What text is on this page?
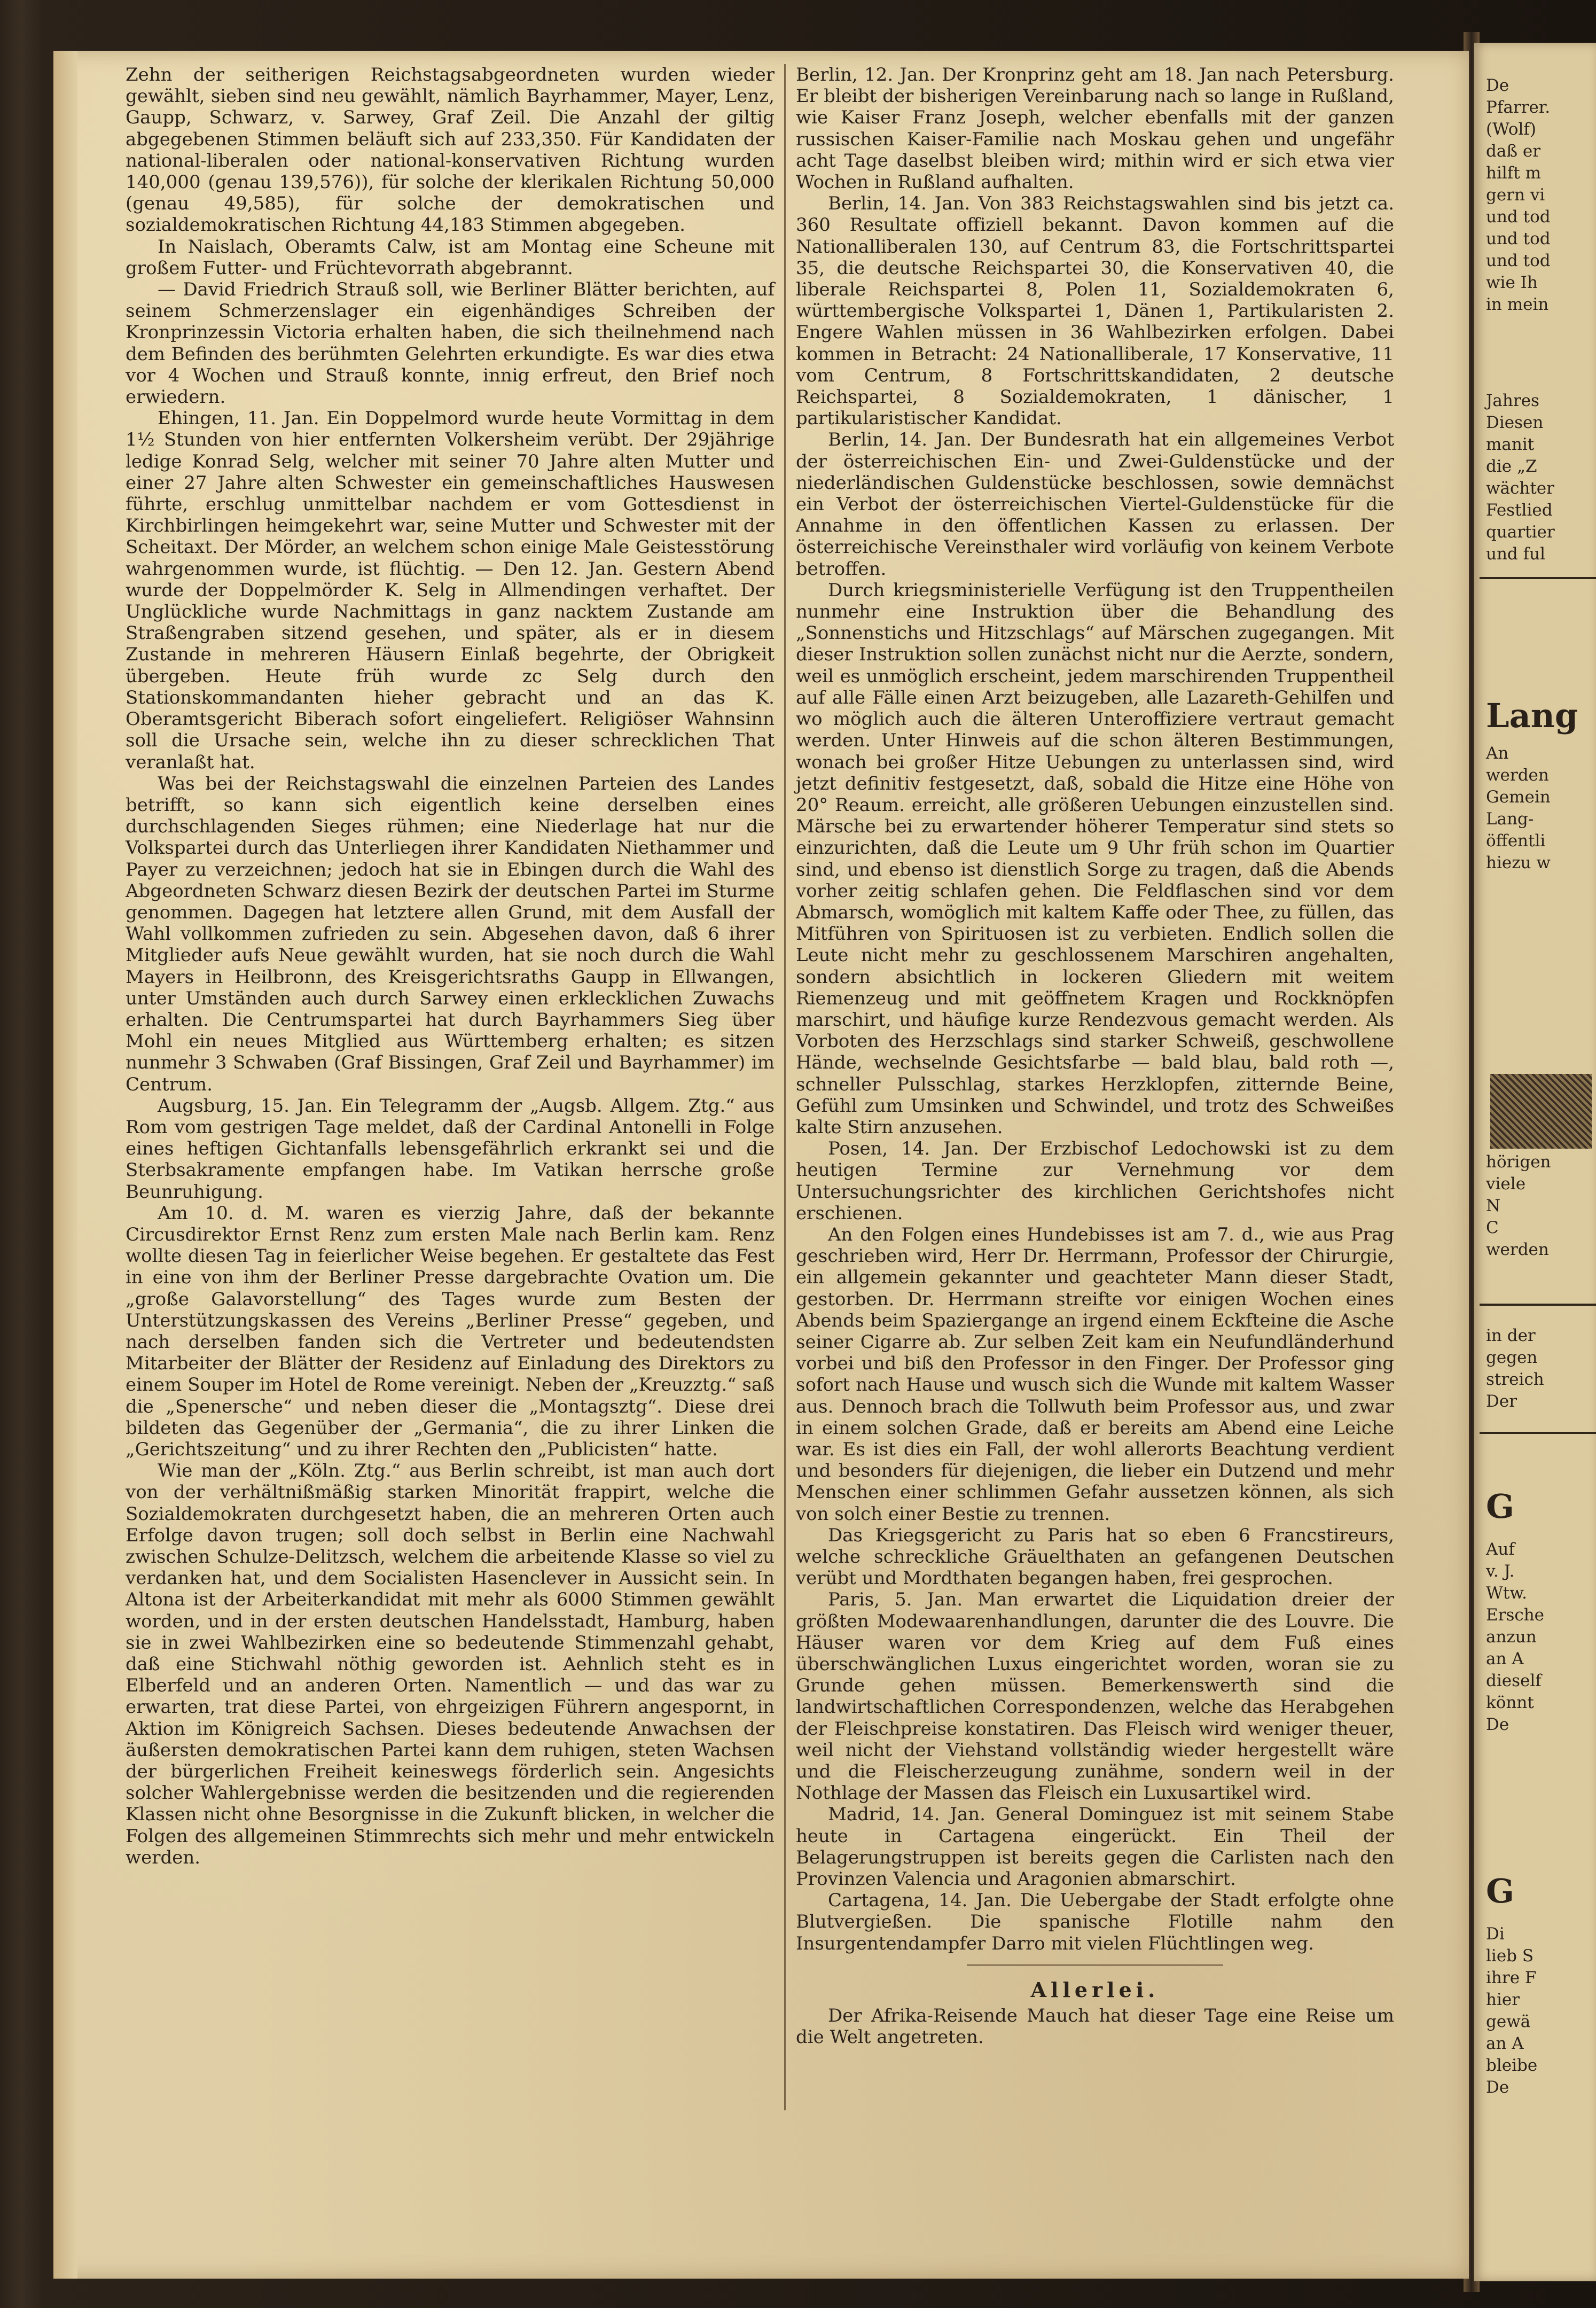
De
Pfarrer.
(Wolf)
daß er
hilft m
gern vi
und tod
und tod
und tod
wie Ih
in mein
Jahres
Diesen
manit
die „Z
wächter
Festlied
quartier
und ful
Lang
An
werden
Gemein
Lang-
öffentli
hiezu w
hörigen
viele
N
C
werden
in der
gegen
streich
Der
G
Auf
v. J.
Wtw.
Ersche
anzun
an A
dieself
könnt
De
G
Di
lieb S
ihre F
hier
gewä
an A
bleibe
De

Zehn der seitherigen Reichstagsabgeordneten wurden wieder gewählt, sieben sind neu gewählt, nämlich Bayrhammer, Mayer, Lenz, Gaupp, Schwarz, v. Sarwey, Graf Zeil. Die Anzahl der giltig abgegebenen Stimmen beläuft sich auf 233,350. Für Kandidaten der national-liberalen oder national-konservativen Richtung wurden 140,000 (genau 139,576)), für solche der klerikalen Richtung 50,000 (genau 49,585), für solche der demokratischen und sozialdemokratischen Richtung 44,183 Stimmen abgegeben.

In Naislach, Oberamts Calw, ist am Montag eine Scheune mit großem Futter- und Früchtevorrath abgebrannt.

— David Friedrich Strauß soll, wie Berliner Blätter berichten, auf seinem Schmerzenslager ein eigenhändiges Schreiben der Kronprinzessin Victoria erhalten haben, die sich theilnehmend nach dem Befinden des berühmten Gelehrten erkundigte. Es war dies etwa vor 4 Wochen und Strauß konnte, innig erfreut, den Brief noch erwiedern.

Ehingen, 11. Jan. Ein Doppelmord wurde heute Vormittag in dem 1½ Stunden von hier entfernten Volkersheim verübt. Der 29jährige ledige Konrad Selg, welcher mit seiner 70 Jahre alten Mutter und einer 27 Jahre alten Schwester ein gemeinschaftliches Hauswesen führte, erschlug unmittelbar nachdem er vom Gottesdienst in Kirchbirlingen heimgekehrt war, seine Mutter und Schwester mit der Scheitaxt. Der Mörder, an welchem schon einige Male Geistesstörung wahrgenommen wurde, ist flüchtig. — Den 12. Jan. Gestern Abend wurde der Doppelmörder K. Selg in Allmendingen verhaftet. Der Unglückliche wurde Nachmittags in ganz nacktem Zustande am Straßengraben sitzend gesehen, und später, als er in diesem Zustande in mehreren Häusern Einlaß begehrte, der Obrigkeit übergeben. Heute früh wurde zc Selg durch den Stationskommandanten hieher gebracht und an das K. Oberamtsgericht Biberach sofort eingeliefert. Religiöser Wahnsinn soll die Ursache sein, welche ihn zu dieser schrecklichen That veranlaßt hat.

Was bei der Reichstagswahl die einzelnen Parteien des Landes betrifft, so kann sich eigentlich keine derselben eines durchschlagenden Sieges rühmen; eine Niederlage hat nur die Volkspartei durch das Unterliegen ihrer Kandidaten Niethammer und Payer zu verzeichnen; jedoch hat sie in Ebingen durch die Wahl des Abgeordneten Schwarz diesen Bezirk der deutschen Partei im Sturme genommen. Dagegen hat letztere allen Grund, mit dem Ausfall der Wahl vollkommen zufrieden zu sein. Abgesehen davon, daß 6 ihrer Mitglieder aufs Neue gewählt wurden, hat sie noch durch die Wahl Mayers in Heilbronn, des Kreisgerichtsraths Gaupp in Ellwangen, unter Umständen auch durch Sarwey einen erklecklichen Zuwachs erhalten. Die Centrumspartei hat durch Bayrhammers Sieg über Mohl ein neues Mitglied aus Württemberg erhalten; es sitzen nunmehr 3 Schwaben (Graf Bissingen, Graf Zeil und Bayrhammer) im Centrum.

Augsburg, 15. Jan. Ein Telegramm der „Augsb. Allgem. Ztg.“ aus Rom vom gestrigen Tage meldet, daß der Cardinal Antonelli in Folge eines heftigen Gichtanfalls lebensgefährlich erkrankt sei und die Sterbsakramente empfangen habe. Im Vatikan herrsche große Beunruhigung.

Am 10. d. M. waren es vierzig Jahre, daß der bekannte Circusdirektor Ernst Renz zum ersten Male nach Berlin kam. Renz wollte diesen Tag in feierlicher Weise begehen. Er gestaltete das Fest in eine von ihm der Berliner Presse dargebrachte Ovation um. Die „große Galavorstellung“ des Tages wurde zum Besten der Unterstützungskassen des Vereins „Berliner Presse“ gegeben, und nach derselben fanden sich die Vertreter und bedeutendsten Mitarbeiter der Blätter der Residenz auf Einladung des Direktors zu einem Souper im Hotel de Rome vereinigt. Neben der „Kreuzztg.“ saß die „Spenersche“ und neben dieser die „Montagsztg“. Diese drei bildeten das Gegenüber der „Germania“, die zu ihrer Linken die „Gerichtszeitung“ und zu ihrer Rechten den „Publicisten“ hatte.

Wie man der „Köln. Ztg.“ aus Berlin schreibt, ist man auch dort von der verhältnißmäßig starken Minorität frappirt, welche die Sozialdemokraten durchgesetzt haben, die an mehreren Orten auch Erfolge davon trugen; soll doch selbst in Berlin eine Nachwahl zwischen Schulze-Delitzsch, welchem die arbeitende Klasse so viel zu verdanken hat, und dem Socialisten Hasenclever in Aussicht sein. In Altona ist der Arbeiterkandidat mit mehr als 6000 Stimmen gewählt worden, und in der ersten deutschen Handelsstadt, Hamburg, haben sie in zwei Wahlbezirken eine so bedeutende Stimmenzahl gehabt, daß eine Stichwahl nöthig geworden ist. Aehnlich steht es in Elberfeld und an anderen Orten. Namentlich — und das war zu erwarten, trat diese Partei, von ehrgeizigen Führern angespornt, in Aktion im Königreich Sachsen. Dieses bedeutende Anwachsen der äußersten demokratischen Partei kann dem ruhigen, steten Wachsen der bürgerlichen Freiheit keineswegs förderlich sein. Angesichts solcher Wahlergebnisse werden die besitzenden und die regierenden Klassen nicht ohne Besorgnisse in die Zukunft blicken, in welcher die Folgen des allgemeinen Stimmrechts sich mehr und mehr entwickeln werden.

Berlin, 12. Jan. Der Kronprinz geht am 18. Jan nach Petersburg. Er bleibt der bisherigen Vereinbarung nach so lange in Rußland, wie Kaiser Franz Joseph, welcher ebenfalls mit der ganzen russischen Kaiser-Familie nach Moskau gehen und ungefähr acht Tage daselbst bleiben wird; mithin wird er sich etwa vier Wochen in Rußland aufhalten.

Berlin, 14. Jan. Von 383 Reichstagswahlen sind bis jetzt ca. 360 Resultate offiziell bekannt. Davon kommen auf die Nationalliberalen 130, auf Centrum 83, die Fortschrittspartei 35, die deutsche Reichspartei 30, die Konservativen 40, die liberale Reichspartei 8, Polen 11, Sozialdemokraten 6, württembergische Volkspartei 1, Dänen 1, Partikularisten 2. Engere Wahlen müssen in 36 Wahlbezirken erfolgen. Dabei kommen in Betracht: 24 Nationalliberale, 17 Konservative, 11 vom Centrum, 8 Fortschrittskandidaten, 2 deutsche Reichspartei, 8 Sozialdemokraten, 1 dänischer, 1 partikularistischer Kandidat.

Berlin, 14. Jan. Der Bundesrath hat ein allgemeines Verbot der österreichischen Ein- und Zwei-Guldenstücke und der niederländischen Guldenstücke beschlossen, sowie demnächst ein Verbot der österreichischen Viertel-Guldenstücke für die Annahme in den öffentlichen Kassen zu erlassen. Der österreichische Vereinsthaler wird vorläufig von keinem Verbote betroffen.

Durch kriegsministerielle Verfügung ist den Truppentheilen nunmehr eine Instruktion über die Behandlung des „Sonnenstichs und Hitzschlags“ auf Märschen zugegangen. Mit dieser Instruktion sollen zunächst nicht nur die Aerzte, sondern, weil es unmöglich erscheint, jedem marschirenden Truppentheil auf alle Fälle einen Arzt beizugeben, alle Lazareth-Gehilfen und wo möglich auch die älteren Unteroffiziere vertraut gemacht werden. Unter Hinweis auf die schon älteren Bestimmungen, wonach bei großer Hitze Uebungen zu unterlassen sind, wird jetzt definitiv festgesetzt, daß, sobald die Hitze eine Höhe von 20° Reaum. erreicht, alle größeren Uebungen einzustellen sind. Märsche bei zu erwartender höherer Temperatur sind stets so einzurichten, daß die Leute um 9 Uhr früh schon im Quartier sind, und ebenso ist dienstlich Sorge zu tragen, daß die Abends vorher zeitig schlafen gehen. Die Feldflaschen sind vor dem Abmarsch, womöglich mit kaltem Kaffe oder Thee, zu füllen, das Mitführen von Spirituosen ist zu verbieten. Endlich sollen die Leute nicht mehr zu geschlossenem Marschiren angehalten, sondern absichtlich in lockeren Gliedern mit weitem Riemenzeug und mit geöffnetem Kragen und Rockknöpfen marschirt, und häufige kurze Rendezvous gemacht werden. Als Vorboten des Herzschlags sind starker Schweiß, geschwollene Hände, wechselnde Gesichtsfarbe — bald blau, bald roth —, schneller Pulsschlag, starkes Herzklopfen, zitternde Beine, Gefühl zum Umsinken und Schwindel, und trotz des Schweißes kalte Stirn anzusehen.

Posen, 14. Jan. Der Erzbischof Ledochowski ist zu dem heutigen Termine zur Vernehmung vor dem Untersuchungsrichter des kirchlichen Gerichtshofes nicht erschienen.

An den Folgen eines Hundebisses ist am 7. d., wie aus Prag geschrieben wird, Herr Dr. Herrmann, Professor der Chirurgie, ein allgemein gekannter und geachteter Mann dieser Stadt, gestorben. Dr. Herrmann streifte vor einigen Wochen eines Abends beim Spaziergange an irgend einem Eckfteine die Asche seiner Cigarre ab. Zur selben Zeit kam ein Neufundländerhund vorbei und biß den Professor in den Finger. Der Professor ging sofort nach Hause und wusch sich die Wunde mit kaltem Wasser aus. Dennoch brach die Tollwuth beim Professor aus, und zwar in einem solchen Grade, daß er bereits am Abend eine Leiche war. Es ist dies ein Fall, der wohl allerorts Beachtung verdient und besonders für diejenigen, die lieber ein Dutzend und mehr Menschen einer schlimmen Gefahr aussetzen können, als sich von solch einer Bestie zu trennen.

Das Kriegsgericht zu Paris hat so eben 6 Francstireurs, welche schreckliche Gräuelthaten an gefangenen Deutschen verübt und Mordthaten begangen haben, frei gesprochen.

Paris, 5. Jan. Man erwartet die Liquidation dreier der größten Modewaarenhandlungen, darunter die des Louvre. Die Häuser waren vor dem Krieg auf dem Fuß eines überschwänglichen Luxus eingerichtet worden, woran sie zu Grunde gehen müssen. Bemerkenswerth sind die landwirtschaftlichen Correspondenzen, welche das Herabgehen der Fleischpreise konstatiren. Das Fleisch wird weniger theuer, weil nicht der Viehstand vollständig wieder hergestellt wäre und die Fleischerzeugung zunähme, sondern weil in der Nothlage der Massen das Fleisch ein Luxusartikel wird.

Madrid, 14. Jan. General Dominguez ist mit seinem Stabe heute in Cartagena eingerückt. Ein Theil der Belagerungstruppen ist bereits gegen die Carlisten nach den Provinzen Valencia und Aragonien abmarschirt.

Cartagena, 14. Jan. Die Uebergabe der Stadt erfolgte ohne Blutvergießen. Die spanische Flotille nahm den Insurgentendampfer Darro mit vielen Flüchtlingen weg.

Allerlei.

Der Afrika-Reisende Mauch hat dieser Tage eine Reise um die Welt angetreten.
